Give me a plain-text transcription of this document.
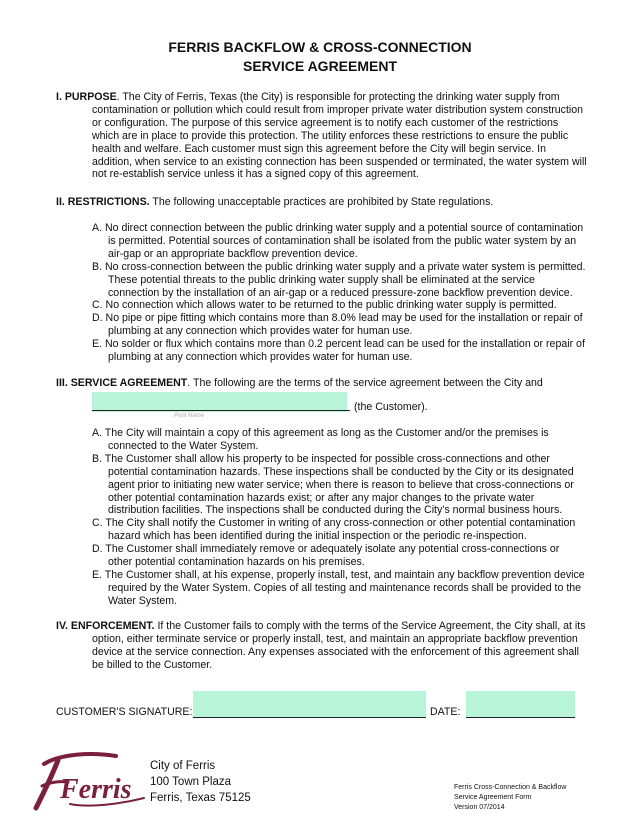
FERRIS BACKFLOW & CROSS-CONNECTION
SERVICE AGREEMENT

I. PURPOSE. The City of Ferris, Texas (the City) is responsible for protecting the drinking water supply from contamination or pollution which could result from improper private water distribution system construction or configuration. The purpose of this service agreement is to notify each customer of the restrictions which are in place to provide this protection. The utility enforces these restrictions to ensure the public health and welfare. Each customer must sign this agreement before the City will begin service. In addition, when service to an existing connection has been suspended or terminated, the water system will not re-establish service unless it has a signed copy of this agreement.

II. RESTRICTIONS. The following unacceptable practices are prohibited by State regulations.

A. No direct connection between the public drinking water supply and a potential source of contamination is permitted. Potential sources of contamination shall be isolated from the public water system by an air-gap or an appropriate backflow prevention device.
B. No cross-connection between the public drinking water supply and a private water system is permitted. These potential threats to the public drinking water supply shall be eliminated at the service connection by the installation of an air-gap or a reduced pressure-zone backflow prevention device.
C. No connection which allows water to be returned to the public drinking water supply is permitted.
D. No pipe or pipe fitting which contains more than 8.0% lead may be used for the installation or repair of plumbing at any connection which provides water for human use.
E. No solder or flux which contains more than 0.2 percent lead can be used for the installation or repair of plumbing at any connection which provides water for human use.

III. SERVICE AGREEMENT. The following are the terms of the service agreement between the City and

Print Name
(the Customer).
A. The City will maintain a copy of this agreement as long as the Customer and/or the premises is connected to the Water System.
B. The Customer shall allow his property to be inspected for possible cross-connections and other potential contamination hazards. These inspections shall be conducted by the City or its designated agent prior to initiating new water service; when there is reason to believe that cross-connections or other potential contamination hazards exist; or after any major changes to the private water distribution facilities. The inspections shall be conducted during the City’s normal business hours.
C. The City shall notify the Customer in writing of any cross-connection or other potential contamination hazard which has been identified during the initial inspection or the periodic re-inspection.
D. The Customer shall immediately remove or adequately isolate any potential cross-connections or other potential contamination hazards on his premises.
E. The Customer shall, at his expense, properly install, test, and maintain any backflow prevention device required by the Water System. Copies of all testing and maintenance records shall be provided to the Water System.

IV. ENFORCEMENT. If the Customer fails to comply with the terms of the Service Agreement, the City shall, at its option, either terminate service or properly install, test, and maintain an appropriate backflow prevention device at the service connection. Any expenses associated with the enforcement of this agreement shall be billed to the Customer.

CUSTOMER'S SIGNATURE:	DATE:
Ferris
City of Ferris
100 Town Plaza
Ferris, Texas 75125
Ferris Cross-Connection & Backflow
Service Agreement Form
Version 07/2014
